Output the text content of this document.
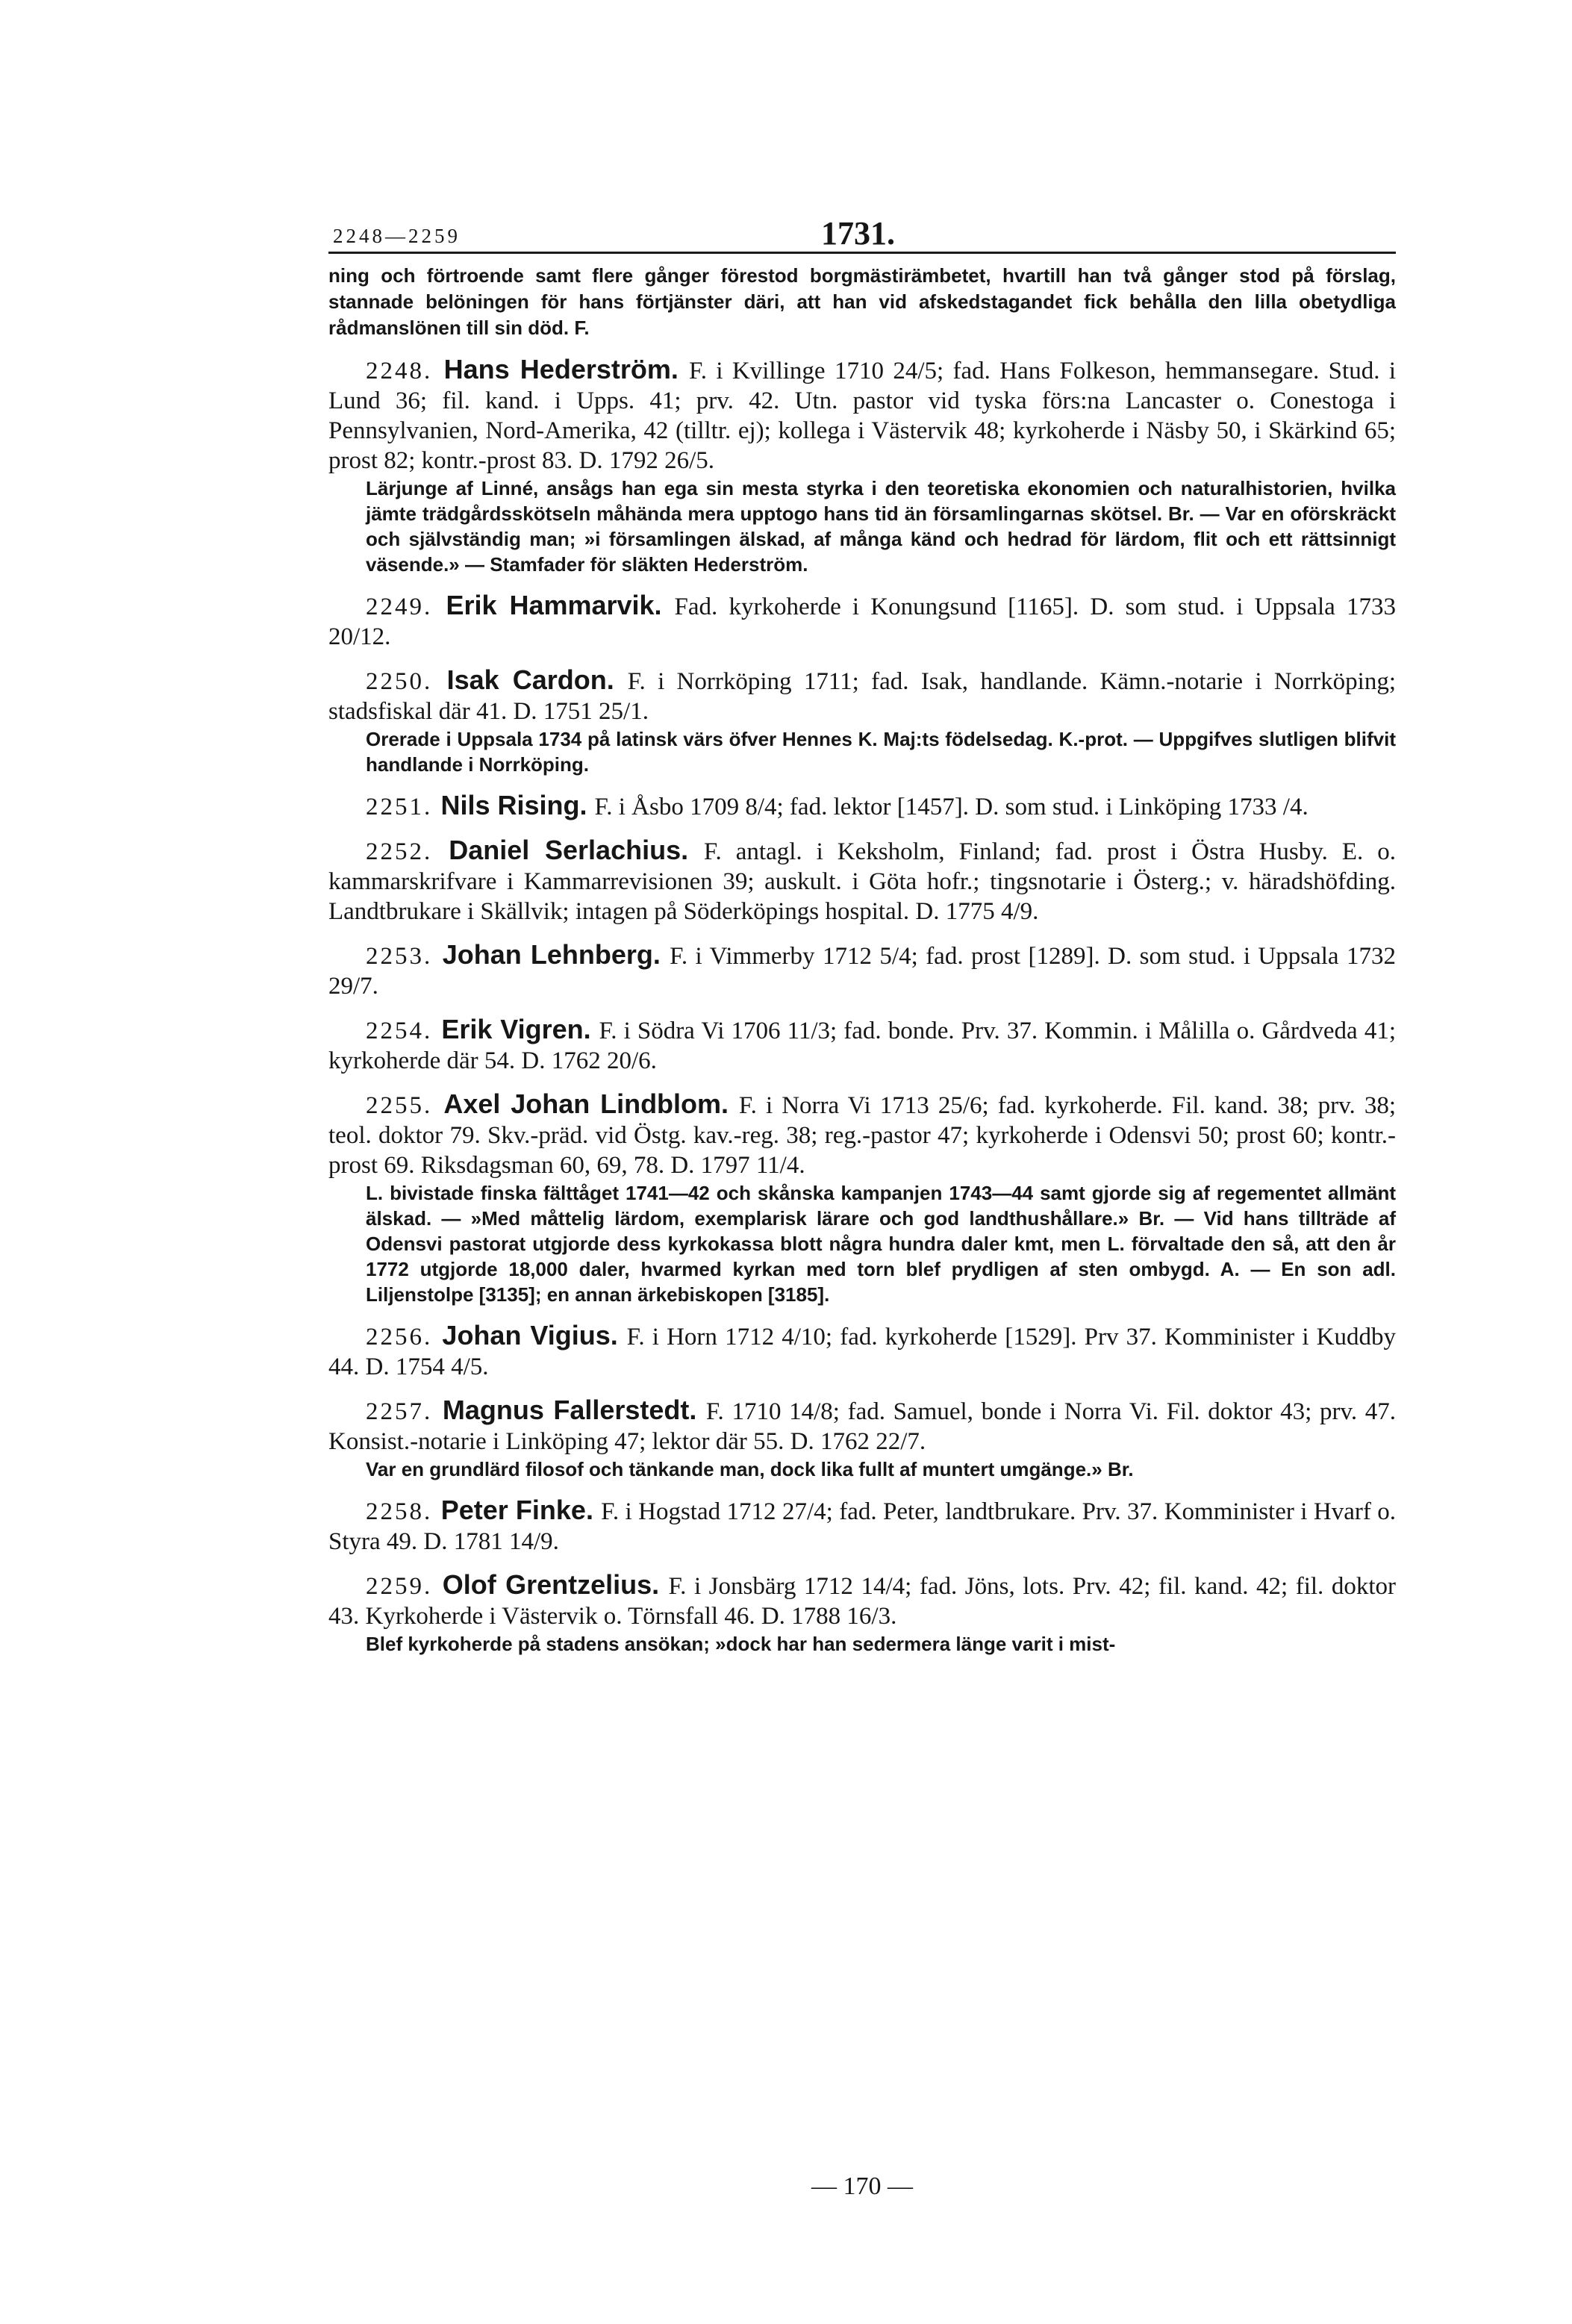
2248—2259	1731.

ning och förtroende samt flere gånger förestod borgmästirämbetet, hvartill han två gånger stod på förslag, stannade belöningen för hans förtjänster däri, att han vid afskedstagandet fick behålla den lilla obetydliga rådmanslönen till sin död. F.

2248. Hans Hederström. F. i Kvillinge 1710 24/5; fad. Hans Folkeson, hemmansegare. Stud. i Lund 36; fil. kand. i Upps. 41; prv. 42. Utn. pastor vid tyska förs:na Lancaster o. Conestoga i Pennsylvanien, Nord-Amerika, 42 (tilltr. ej); kollega i Västervik 48; kyrkoherde i Näsby 50, i Skärkind 65; prost 82; kontr.-prost 83. D. 1792 26/5.

Lärjunge af Linné, ansågs han ega sin mesta styrka i den teoretiska ekonomien och naturalhistorien, hvilka jämte trädgårdsskötseln måhända mera upptogo hans tid än församlingarnas skötsel. Br. — Var en oförskräckt och självständig man; »i församlingen älskad, af många känd och hedrad för lärdom, flit och ett rättsinnigt väsende.» — Stamfader för släkten Hederström.

2249. Erik Hammarvik. Fad. kyrkoherde i Konungsund [1165]. D. som stud. i Uppsala 1733 20/12.

2250. Isak Cardon. F. i Norrköping 1711; fad. Isak, handlande. Kämn.-notarie i Norrköping; stadsfiskal där 41. D. 1751 25/1.

Orerade i Uppsala 1734 på latinsk värs öfver Hennes K. Maj:ts födelsedag. K.-prot. — Uppgifves slutligen blifvit handlande i Norrköping.

2251. Nils Rising. F. i Åsbo 1709 8/4; fad. lektor [1457]. D. som stud. i Linköping 1733 /4.

2252. Daniel Serlachius. F. antagl. i Keksholm, Finland; fad. prost i Östra Husby. E. o. kammarskrifvare i Kammarrevisionen 39; auskult. i Göta hofr.; tingsnotarie i Österg.; v. häradshöfding. Landtbrukare i Skällvik; intagen på Söderköpings hospital. D. 1775 4/9.

2253. Johan Lehnberg. F. i Vimmerby 1712 5/4; fad. prost [1289]. D. som stud. i Uppsala 1732 29/7.

2254. Erik Vigren. F. i Södra Vi 1706 11/3; fad. bonde. Prv. 37. Kommin. i Målilla o. Gårdveda 41; kyrkoherde där 54. D. 1762 20/6.

2255. Axel Johan Lindblom. F. i Norra Vi 1713 25/6; fad. kyrkoherde. Fil. kand. 38; prv. 38; teol. doktor 79. Skv.-präd. vid Östg. kav.-reg. 38; reg.-pastor 47; kyrkoherde i Odensvi 50; prost 60; kontr.-prost 69. Riksdagsman 60, 69, 78. D. 1797 11/4.

L. bivistade finska fälttåget 1741—42 och skånska kampanjen 1743—44 samt gjorde sig af regementet allmänt älskad. — »Med måttelig lärdom, exemplarisk lärare och god landthushållare.» Br. — Vid hans tillträde af Odensvi pastorat utgjorde dess kyrkokassa blott några hundra daler kmt, men L. förvaltade den så, att den år 1772 utgjorde 18,000 daler, hvarmed kyrkan med torn blef prydligen af sten ombygd. A. — En son adl. Liljenstolpe [3135]; en annan ärkebiskopen [3185].

2256. Johan Vigius. F. i Horn 1712 4/10; fad. kyrkoherde [1529]. Prv 37. Komminister i Kuddby 44. D. 1754 4/5.

2257. Magnus Fallerstedt. F. 1710 14/8; fad. Samuel, bonde i Norra Vi. Fil. doktor 43; prv. 47. Konsist.-notarie i Linköping 47; lektor där 55. D. 1762 22/7.

Var en grundlärd filosof och tänkande man, dock lika fullt af muntert umgänge.» Br.

2258. Peter Finke. F. i Hogstad 1712 27/4; fad. Peter, landtbrukare. Prv. 37. Komminister i Hvarf o. Styra 49. D. 1781 14/9.

2259. Olof Grentzelius. F. i Jonsbärg 1712 14/4; fad. Jöns, lots. Prv. 42; fil. kand. 42; fil. doktor 43. Kyrkoherde i Västervik o. Törnsfall 46. D. 1788 16/3.

Blef kyrkoherde på stadens ansökan; »dock har han sedermera länge varit i mist-

— 170 —
